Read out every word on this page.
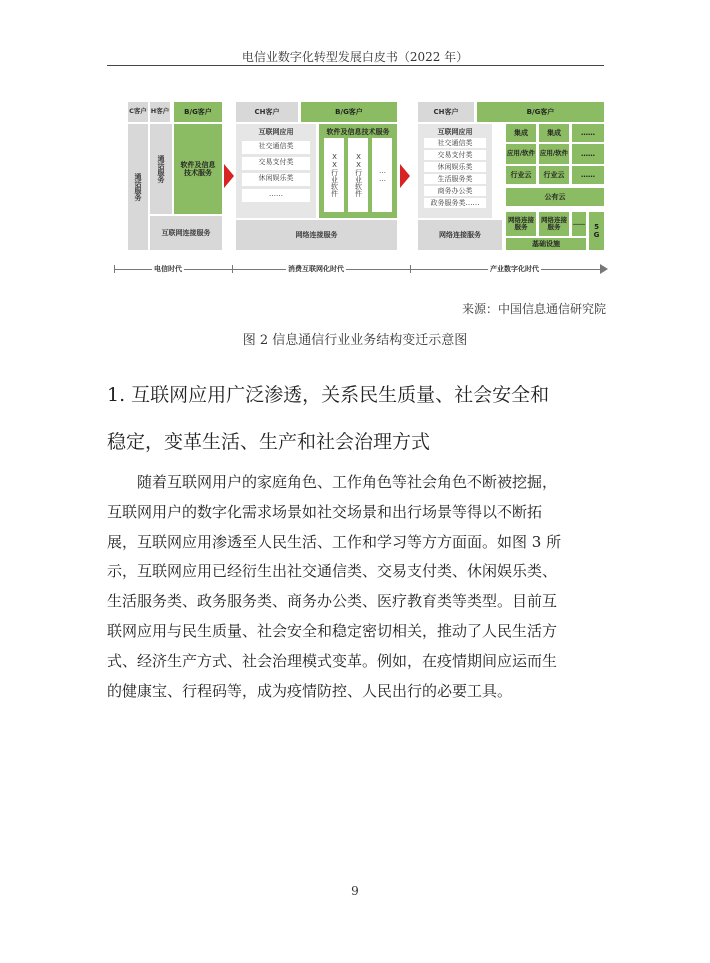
电信业数字化转型发展白皮书（2022 年）
C客户 H客户	B/G客户
通话服务
通话服务	软件及信息技术服务
互联网连接服务
CH客户	B/G客户
互联网应用
社交通信类
交易支付类
休闲娱乐类
……
软件及信息技术服务
XX行业软件 XX行业软件 ……
网络连接服务
CH客户	B/G客户
互联网应用
社交通信类
交易支付类
休闲娱乐类
生活服务类
商务办公类
政务服务类……
集成	集成	……
应用/软件 应用/软件	……
行业云	行业云	……
公有云
网络连接服务
网络连接服务
网络连接服务	…… 5G
基础设施
电信时代	消费互联网化时代	产业数字化时代
来源：中国信息通信研究院
图 2 信息通信行业业务结构变迁示意图
1. 互联网应用广泛渗透，关系民生质量、社会安全和
稳定，变革生活、生产和社会治理方式
　　随着互联网用户的家庭角色、工作角色等社会角色不断被挖掘，
互联网用户的数字化需求场景如社交场景和出行场景等得以不断拓
展，互联网应用渗透至人民生活、工作和学习等方方面面。如图 3 所
示，互联网应用已经衍生出社交通信类、交易支付类、休闲娱乐类、
生活服务类、政务服务类、商务办公类、医疗教育类等类型。目前互
联网应用与民生质量、社会安全和稳定密切相关，推动了人民生活方
式、经济生产方式、社会治理模式变革。例如，在疫情期间应运而生
的健康宝、行程码等，成为疫情防控、人民出行的必要工具。
9
